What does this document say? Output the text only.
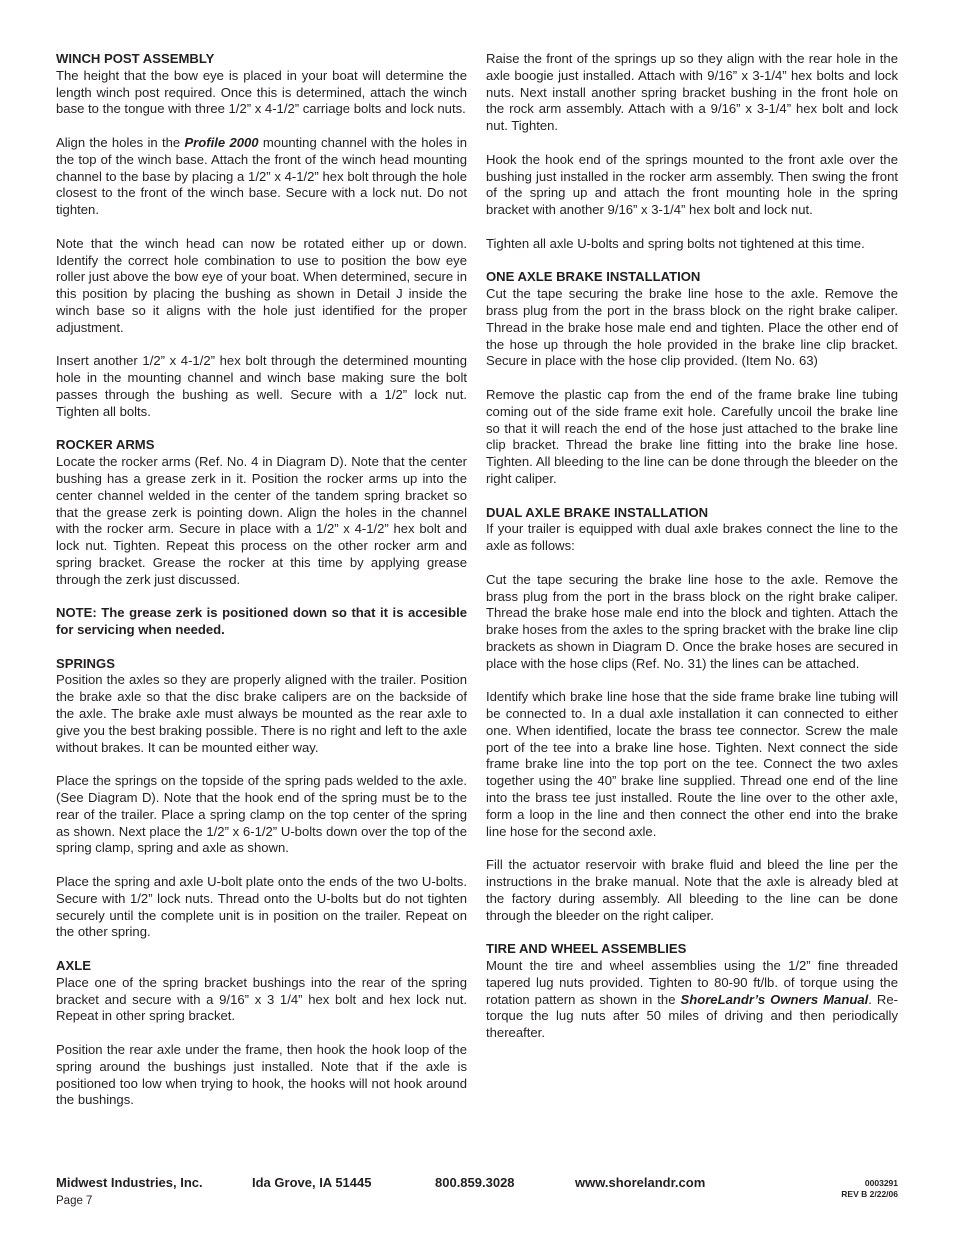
WINCH POST ASSEMBLY

The height that the bow eye is placed in your boat will determine the length winch post required. Once this is determined, attach the winch base to the tongue with three 1/2” x 4-1/2” carriage bolts and lock nuts.

Align the holes in the Profile 2000 mounting channel with the holes in the top of the winch base. Attach the front of the winch head mounting channel to the base by placing a 1/2” x 4-1/2” hex bolt through the hole closest to the front of the winch base. Secure with a lock nut. Do not tighten.

Note that the winch head can now be rotated either up or down. Identify the correct hole combination to use to position the bow eye roller just above the bow eye of your boat. When determined, secure in this position by placing the bushing as shown in Detail J inside the winch base so it aligns with the hole just identified for the proper adjustment.

Insert another 1/2” x 4-1/2” hex bolt through the determined mounting hole in the mounting channel and winch base making sure the bolt passes through the bushing as well. Secure with a 1/2” lock nut. Tighten all bolts.

ROCKER ARMS

Locate the rocker arms (Ref. No. 4 in Diagram D). Note that the center bushing has a grease zerk in it. Position the rocker arms up into the center channel welded in the center of the tandem spring bracket so that the grease zerk is pointing down. Align the holes in the channel with the rocker arm. Secure in place with a 1/2” x 4-1/2” hex bolt and lock nut. Tighten. Repeat this process on the other rocker arm and spring bracket. Grease the rocker at this time by applying grease through the zerk just discussed.

NOTE: The grease zerk is positioned down so that it is accesible for servicing when needed.

SPRINGS

Position the axles so they are properly aligned with the trailer. Position the brake axle so that the disc brake calipers are on the backside of the axle. The brake axle must always be mounted as the rear axle to give you the best braking possible. There is no right and left to the axle without brakes. It can be mounted either way.

Place the springs on the topside of the spring pads welded to the axle. (See Diagram D). Note that the hook end of the spring must be to the rear of the trailer. Place a spring clamp on the top center of the spring as shown. Next place the 1/2” x 6-1/2” U-bolts down over the top of the spring clamp, spring and axle as shown.

Place the spring and axle U-bolt plate onto the ends of the two U-bolts. Secure with 1/2” lock nuts. Thread onto the U-bolts but do not tighten securely until the complete unit is in position on the trailer. Repeat on the other spring.

AXLE

Place one of the spring bracket bushings into the rear of the spring bracket and secure with a 9/16” x 3 1/4” hex bolt and hex lock nut. Repeat in other spring bracket.

Position the rear axle under the frame, then hook the hook loop of the spring around the bushings just installed. Note that if the axle is positioned too low when trying to hook, the hooks will not hook around the bushings.

Raise the front of the springs up so they align with the rear hole in the axle boogie just installed. Attach with 9/16” x 3-1/4” hex bolts and lock nuts. Next install another spring bracket bushing in the front hole on the rock arm assembly. Attach with a 9/16” x 3-1/4” hex bolt and lock nut. Tighten.

Hook the hook end of the springs mounted to the front axle over the bushing just installed in the rocker arm assembly. Then swing the front of the spring up and attach the front mounting hole in the spring bracket with another 9/16” x 3-1/4” hex bolt and lock nut.

Tighten all axle U-bolts and spring bolts not tightened at this time.

ONE AXLE BRAKE INSTALLATION

Cut the tape securing the brake line hose to the axle. Remove the brass plug from the port in the brass block on the right brake caliper. Thread in the brake hose male end and tighten. Place the other end of the hose up through the hole provided in the brake line clip bracket. Secure in place with the hose clip provided. (Item No. 63)

Remove the plastic cap from the end of the frame brake line tubing coming out of the side frame exit hole. Carefully uncoil the brake line so that it will reach the end of the hose just attached to the brake line clip bracket. Thread the brake line fitting into the brake line hose. Tighten. All bleeding to the line can be done through the bleeder on the right caliper.

DUAL AXLE BRAKE INSTALLATION

If your trailer is equipped with dual axle brakes connect the line to the axle as follows:

Cut the tape securing the brake line hose to the axle. Remove the brass plug from the port in the brass block on the right brake caliper. Thread the brake hose male end into the block and tighten. Attach the brake hoses from the axles to the spring bracket with the brake line clip brackets as shown in Diagram D. Once the brake hoses are secured in place with the hose clips (Ref. No. 31) the lines can be attached.

Identify which brake line hose that the side frame brake line tubing will be connected to. In a dual axle installation it can connected to either one. When identified, locate the brass tee connector. Screw the male port of the tee into a brake line hose. Tighten. Next connect the side frame brake line into the top port on the tee. Connect the two axles together using the 40” brake line supplied. Thread one end of the line into the brass tee just installed. Route the line over to the other axle, form a loop in the line and then connect the other end into the brake line hose for the second axle.

Fill the actuator reservoir with brake fluid and bleed the line per the instructions in the brake manual. Note that the axle is already bled at the factory during assembly. All bleeding to the line can be done through the bleeder on the right caliper.

TIRE AND WHEEL ASSEMBLIES

Mount the tire and wheel assemblies using the 1/2” fine threaded tapered lug nuts provided. Tighten to 80-90 ft/lb. of torque using the rotation pattern as shown in the ShoreLandr’s Owners Manual. Re-torque the lug nuts after 50 miles of driving and then periodically thereafter.

Midwest Industries, Inc.	Ida Grove, IA 51445	800.859.3028	www.shorelandr.com
Page 7
0003291
REV B 2/22/06
